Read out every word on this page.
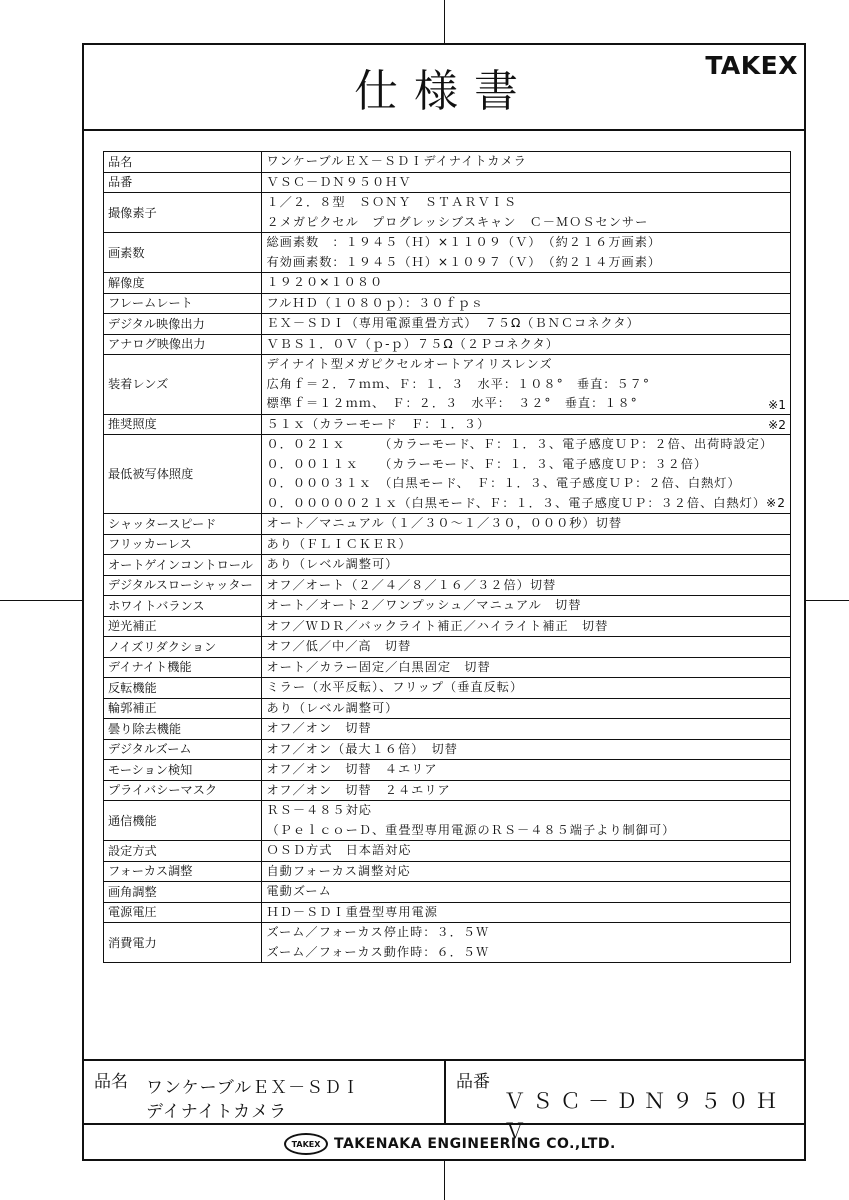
仕様書
TAKEX
品名	ワンケーブルＥＸ－ＳＤＩデイナイトカメラ

品番	ＶＳＣ－ＤＮ９５０ＨＶ

撮像素子	１／２．８型　ＳＯＮＹ　ＳＴＡＲＶＩＳ
２メガピクセル　プログレッシブスキャン　Ｃ－ＭＯＳセンサー

画素数	総画素数　：１９４５（Ｈ）×１１０９（Ｖ）　（約２１６万画素）
有効画素数：１９４５（Ｈ）×１０９７（Ｖ）　（約２１４万画素）

解像度	１９２０×１０８０

フレームレート	フルＨＤ（１０８０ｐ）：３０ｆｐｓ

デジタル映像出力	ＥＸ－ＳＤＩ（専用電源重畳方式）　７５Ω（ＢＮＣコネクタ）

アナログ映像出力	ＶＢＳ１．０Ｖ（ｐ-ｐ）７５Ω（２Ｐコネクタ）

装着レンズ	デイナイト型メガピクセルオートアイリスレンズ
広角ｆ＝２．７ｍｍ、Ｆ：１．３　水平：１０８°　垂直：５７°
標準ｆ＝１２ｍｍ、　Ｆ：２．３　水平：　３２°　垂直：１８° ※1

推奨照度	５１ｘ（カラーモード　Ｆ：１．３） ※2

最低被写体照度	０．０２１ｘ　　　（カラーモード、Ｆ：１．３、電子感度ＵＰ：２倍、出荷時設定）
０．００１１ｘ　　（カラーモード、Ｆ：１．３、電子感度ＵＰ：３２倍）
０．０００３１ｘ　（白黒モード、　Ｆ：１．３、電子感度ＵＰ：２倍、白熱灯）
０．０００００２１ｘ（白黒モード、Ｆ：１．３、電子感度ＵＰ：３２倍、白熱灯）※2

シャッタースピード	オート／マニュアル（１／３０～１／３０，０００秒）切替

フリッカーレス	あり（ＦＬＩＣＫＥＲ）

オートゲインコントロール	あり（レベル調整可）

デジタルスローシャッター	オフ／オート（２／４／８／１６／３２倍）切替

ホワイトバランス	オート／オート２／ワンプッシュ／マニュアル　切替

逆光補正	オフ／ＷＤＲ／バックライト補正／ハイライト補正　切替

ノイズリダクション	オフ／低／中／高　切替

デイナイト機能	オート／カラー固定／白黒固定　切替

反転機能	ミラー（水平反転）、フリップ（垂直反転）

輪郭補正	あり（レベル調整可）

曇り除去機能	オフ／オン　切替

デジタルズーム	オフ／オン（最大１６倍）　切替

モーション検知	オフ／オン　切替　４エリア

プライバシーマスク	オフ／オン　切替　２４エリア

通信機能	ＲＳ－４８５対応
（ＰｅｌｃｏーＤ、重畳型専用電源のＲＳ－４８５端子より制御可）

設定方式	ＯＳＤ方式　日本語対応

フォーカス調整	自動フォーカス調整対応

画角調整	電動ズーム

電源電圧	ＨＤ－ＳＤＩ重畳型専用電源

消費電力	ズーム／フォーカス停止時：３．５Ｗ
ズーム／フォーカス動作時：６．５Ｗ
品名 ワンケーブルＥＸ－ＳＤＩ
デイナイトカメラ
品番
ＶＳＣ－ＤＮ９５０ＨＶ
TAKEX TAKENAKA ENGINEERING CO.,LTD.
